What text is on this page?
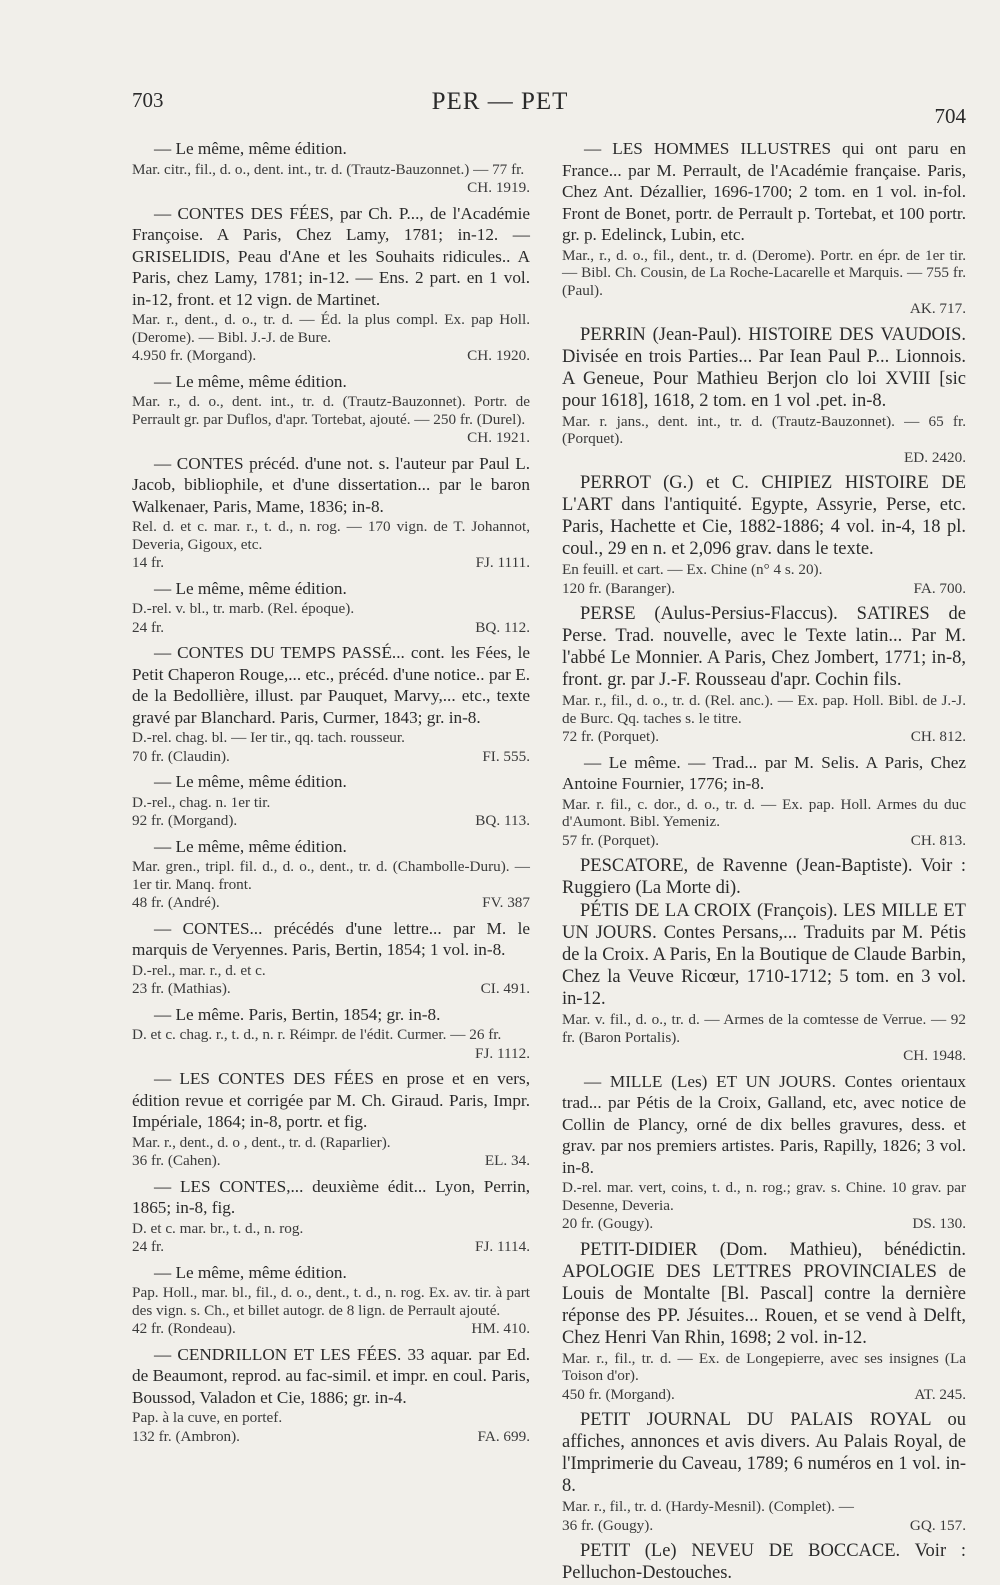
703	PER — PET
704

— Le même, même édition.

Mar. citr., fil., d. o., dent. int., tr. d. (Trautz-Bauzonnet.) — 77 fr.

CH. 1919.

— CONTES DES FÉES, par Ch. P..., de l'Académie Françoise. A Paris, Chez Lamy, 1781; in-12. — GRISELIDIS, Peau d'Ane et les Souhaits ridicules.. A Paris, chez Lamy, 1781; in-12. — Ens. 2 part. en 1 vol. in-12, front. et 12 vign. de Martinet.

Mar. r., dent., d. o., tr. d. — Éd. la plus compl. Ex. pap Holl. (Derome). — Bibl. J.-J. de Bure.

4.950 fr. (Morgand).	CH. 1920.

— Le même, même édition.

Mar. r., d. o., dent. int., tr. d. (Trautz-Bauzonnet). Portr. de Perrault gr. par Duflos, d'apr. Tortebat, ajouté. — 250 fr. (Durel).

CH. 1921.

— CONTES précéd. d'une not. s. l'auteur par Paul L. Jacob, bibliophile, et d'une dissertation... par le baron Walkenaer, Paris, Mame, 1836; in-8.

Rel. d. et c. mar. r., t. d., n. rog. — 170 vign. de T. Johannot, Deveria, Gigoux, etc.

14 fr.	FJ. 1111.

— Le même, même édition.

D.-rel. v. bl., tr. marb. (Rel. époque).

24 fr.	BQ. 112.

— CONTES DU TEMPS PASSÉ... cont. les Fées, le Petit Chaperon Rouge,... etc., précéd. d'une notice.. par E. de la Bedollière, illust. par Pauquet, Marvy,... etc., texte gravé par Blanchard. Paris, Curmer, 1843; gr. in-8.

D.-rel. chag. bl. — Ier tir., qq. tach. rousseur.

70 fr. (Claudin).	FI. 555.

— Le même, même édition.

D.-rel., chag. n. 1er tir.

92 fr. (Morgand).	BQ. 113.

— Le même, même édition.

Mar. gren., tripl. fil. d., d. o., dent., tr. d. (Chambolle-Duru). — 1er tir. Manq. front.

48 fr. (André).	FV. 387

— CONTES... précédés d'une lettre... par M. le marquis de Veryennes. Paris, Bertin, 1854; 1 vol. in-8.

D.-rel., mar. r., d. et c.

23 fr. (Mathias).	CI. 491.

— Le même. Paris, Bertin, 1854; gr. in-8.

D. et c. chag. r., t. d., n. r. Réimpr. de l'édit. Curmer. — 26 fr.

FJ. 1112.

— LES CONTES DES FÉES en prose et en vers, édition revue et corrigée par M. Ch. Giraud. Paris, Impr. Impériale, 1864; in-8, portr. et fig.

Mar. r., dent., d. o , dent., tr. d. (Raparlier).

36 fr. (Cahen).	EL. 34.

— LES CONTES,... deuxième édit... Lyon, Perrin, 1865; in-8, fig.

D. et c. mar. br., t. d., n. rog.

24 fr.	FJ. 1114.

— Le même, même édition.

Pap. Holl., mar. bl., fil., d. o., dent., t. d., n. rog. Ex. av. tir. à part des vign. s. Ch., et billet autogr. de 8 lign. de Perrault ajouté.

42 fr. (Rondeau).	HM. 410.

— CENDRILLON ET LES FÉES. 33 aquar. par Ed. de Beaumont, reprod. au fac-simil. et impr. en coul. Paris, Boussod, Valadon et Cie, 1886; gr. in-4.

Pap. à la cuve, en portef.

132 fr. (Ambron).	FA. 699.

— LES HOMMES ILLUSTRES qui ont paru en France... par M. Perrault, de l'Académie française. Paris, Chez Ant. Dézallier, 1696-1700; 2 tom. en 1 vol. in-fol. Front de Bonet, portr. de Perrault p. Tortebat, et 100 portr. gr. p. Edelinck, Lubin, etc.

Mar., r., d. o., fil., dent., tr. d. (Derome). Portr. en épr. de 1er tir. — Bibl. Ch. Cousin, de La Roche-Lacarelle et Marquis. — 755 fr. (Paul).

AK. 717.

PERRIN (Jean-Paul). HISTOIRE DES VAUDOIS. Divisée en trois Parties... Par Iean Paul P... Lionnois. A Geneue, Pour Mathieu Berjon clo loi XVIII [sic pour 1618], 1618, 2 tom. en 1 vol .pet. in-8.

Mar. r. jans., dent. int., tr. d. (Trautz-Bauzonnet). — 65 fr. (Porquet).

ED. 2420.

PERROT (G.) et C. CHIPIEZ HISTOIRE DE L'ART dans l'antiquité. Egypte, Assyrie, Perse, etc. Paris, Hachette et Cie, 1882-1886; 4 vol. in-4, 18 pl. coul., 29 en n. et 2,096 grav. dans le texte.

En feuill. et cart. — Ex. Chine (n° 4 s. 20).

120 fr. (Baranger).	FA. 700.

PERSE (Aulus-Persius-Flaccus). SATIRES de Perse. Trad. nouvelle, avec le Texte latin... Par M. l'abbé Le Monnier. A Paris, Chez Jombert, 1771; in-8, front. gr. par J.-F. Rousseau d'apr. Cochin fils.

Mar. r., fil., d. o., tr. d. (Rel. anc.). — Ex. pap. Holl. Bibl. de J.-J. de Burc. Qq. taches s. le titre.

72 fr. (Porquet).	CH. 812.

— Le même. — Trad... par M. Selis. A Paris, Chez Antoine Fournier, 1776; in-8.

Mar. r. fil., c. dor., d. o., tr. d. — Ex. pap. Holl. Armes du duc d'Aumont. Bibl. Yemeniz.

57 fr. (Porquet).	CH. 813.

PESCATORE, de Ravenne (Jean-Baptiste). Voir : Ruggiero (La Morte di).

PÉTIS DE LA CROIX (François). LES MILLE ET UN JOURS. Contes Persans,... Traduits par M. Pétis de la Croix. A Paris, En la Boutique de Claude Barbin, Chez la Veuve Ricœur, 1710-1712; 5 tom. en 3 vol. in-12.

Mar. v. fil., d. o., tr. d. — Armes de la comtesse de Verrue. — 92 fr. (Baron Portalis).

CH. 1948.

— MILLE (Les) ET UN JOURS. Contes orientaux trad... par Pétis de la Croix, Galland, etc, avec notice de Collin de Plancy, orné de dix belles gravures, dess. et grav. par nos premiers artistes. Paris, Rapilly, 1826; 3 vol. in-8.

D.-rel. mar. vert, coins, t. d., n. rog.; grav. s. Chine. 10 grav. par Desenne, Deveria.

20 fr. (Gougy).	DS. 130.

PETIT-DIDIER (Dom. Mathieu), bénédictin. APOLOGIE DES LETTRES PROVINCIALES de Louis de Montalte [Bl. Pascal] contre la dernière réponse des PP. Jésuites... Rouen, et se vend à Delft, Chez Henri Van Rhin, 1698; 2 vol. in-12.

Mar. r., fil., tr. d. — Ex. de Longepierre, avec ses insignes (La Toison d'or).

450 fr. (Morgand).	AT. 245.

PETIT JOURNAL DU PALAIS ROYAL ou affiches, annonces et avis divers. Au Palais Royal, de l'Imprimerie du Caveau, 1789; 6 numéros en 1 vol. in-8.

Mar. r., fil., tr. d. (Hardy-Mesnil). (Complet). —

36 fr. (Gougy).	GQ. 157.

PETIT (Le) NEVEU DE BOCCACE. Voir : Pelluchon-Destouches.
